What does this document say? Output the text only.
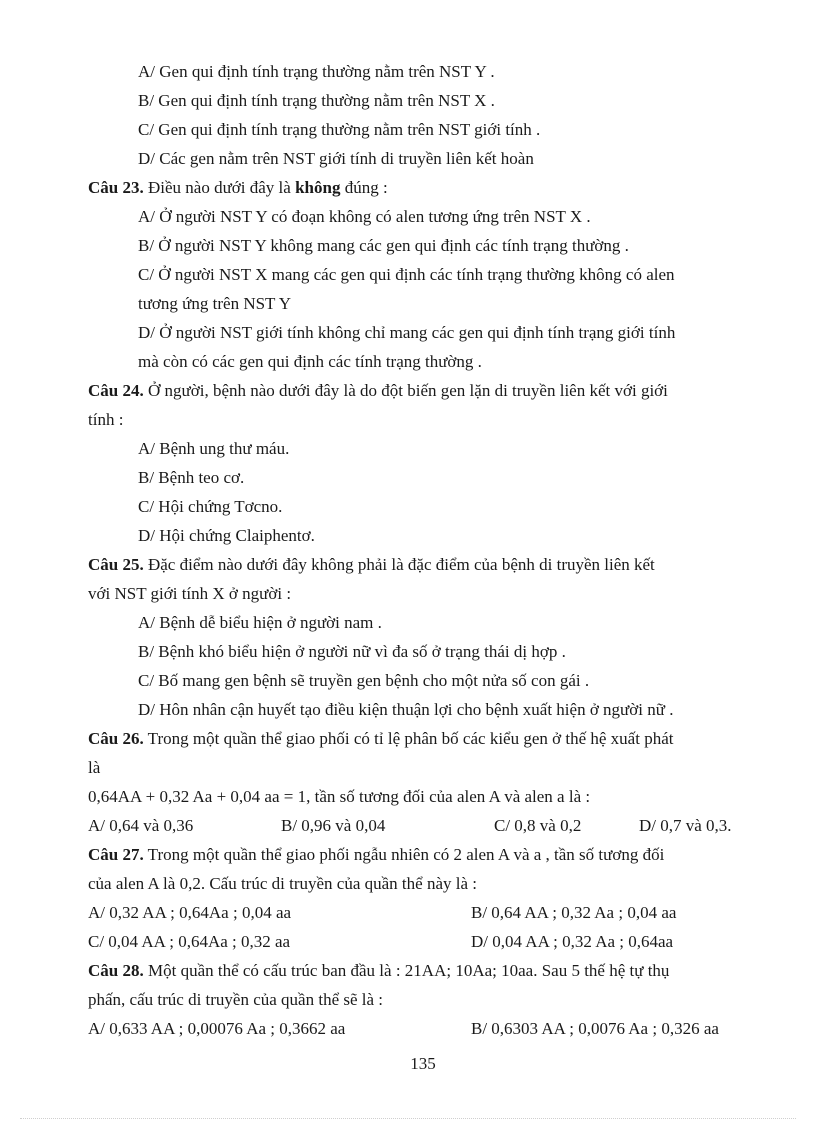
A/ Gen qui định tính trạng thường nằm trên NST Y .
B/ Gen qui định tính trạng thường nằm trên NST X .
C/ Gen qui định tính trạng thường nằm trên NST giới tính .
D/ Các gen nằm trên NST giới tính di truyền liên kết hoàn
Câu 23. Điều nào dưới đây là không đúng :
A/ Ở người NST Y có đoạn không có alen tương ứng trên NST X .
B/ Ở người NST Y không mang các gen qui định các tính trạng thường .
C/ Ở người NST X mang các gen qui định các tính trạng thường không có alen
tương ứng trên NST Y
D/ Ở người NST giới tính không chỉ mang các gen qui định tính trạng giới tính
mà còn có các gen qui định các tính trạng thường .
Câu 24. Ở người, bệnh nào dưới đây là do đột biến gen lặn di truyền liên kết với giới
tính :
A/ Bệnh ung thư máu.
B/ Bệnh teo cơ.
C/ Hội chứng Tơcno.
D/ Hội chứng Claiphentơ.
Câu 25. Đặc điểm nào dưới đây không phải là đặc điểm của bệnh di truyền liên kết
với NST giới tính X ở người :
A/ Bệnh dễ biểu hiện ở người nam .
B/ Bệnh khó biểu hiện ở người nữ vì đa số ở trạng thái dị hợp .
C/ Bố mang gen bệnh sẽ truyền gen bệnh cho một nửa số con gái .
D/ Hôn nhân cận huyết tạo điều kiện thuận lợi cho bệnh xuất hiện ở người nữ .
Câu 26. Trong một quần thể giao phối có tỉ lệ phân bố các kiểu gen ở thế hệ xuất phát
là
0,64AA + 0,32 Aa + 0,04 aa = 1, tần số tương đối của alen A và alen a là :
A/ 0,64 và 0,36	B/ 0,96 và 0,04	C/ 0,8 và 0,2	D/ 0,7 và 0,3.
Câu 27. Trong một quần thể giao phối ngẫu nhiên có 2 alen A và a , tần số tương đối
của alen A là 0,2. Cấu trúc di truyền của quần thể này là :
A/ 0,32 AA ; 0,64Aa ; 0,04 aa	B/ 0,64 AA ; 0,32 Aa ; 0,04 aa
C/ 0,04 AA ; 0,64Aa ; 0,32 aa	D/ 0,04 AA ; 0,32 Aa ; 0,64aa
Câu 28. Một quần thể có cấu trúc ban đầu là : 21AA; 10Aa; 10aa. Sau 5 thế hệ tự thụ
phấn, cấu trúc di truyền của quần thể sẽ là :
A/ 0,633 AA ; 0,00076 Aa ; 0,3662 aa	B/ 0,6303 AA ; 0,0076 Aa ; 0,326 aa
135
